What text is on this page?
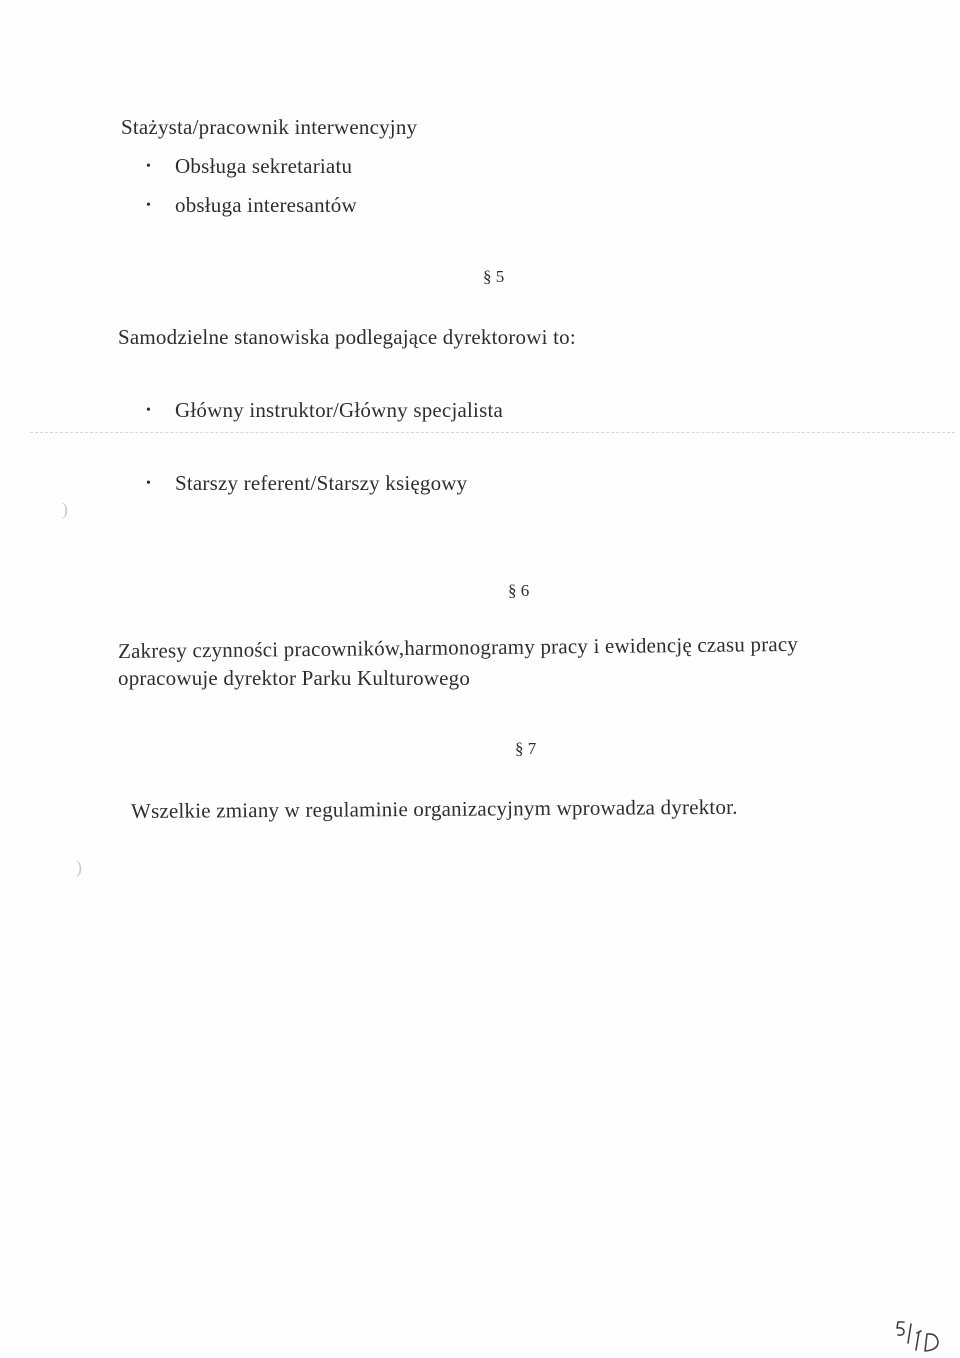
)
)
Stażysta/pracownik interwencyjny
• Obsługa sekretariatu
• obsługa interesantów
§ 5
Samodzielne stanowiska podlegające dyrektorowi to:
• Główny instruktor/Główny specjalista
• Starszy referent/Starszy księgowy
§ 6
Zakresy czynności pracowników,harmonogramy pracy i ewidencję czasu pracy
opracowuje dyrektor Parku Kulturowego
§ 7
Wszelkie zmiany w regulaminie organizacyjnym wprowadza dyrektor.
